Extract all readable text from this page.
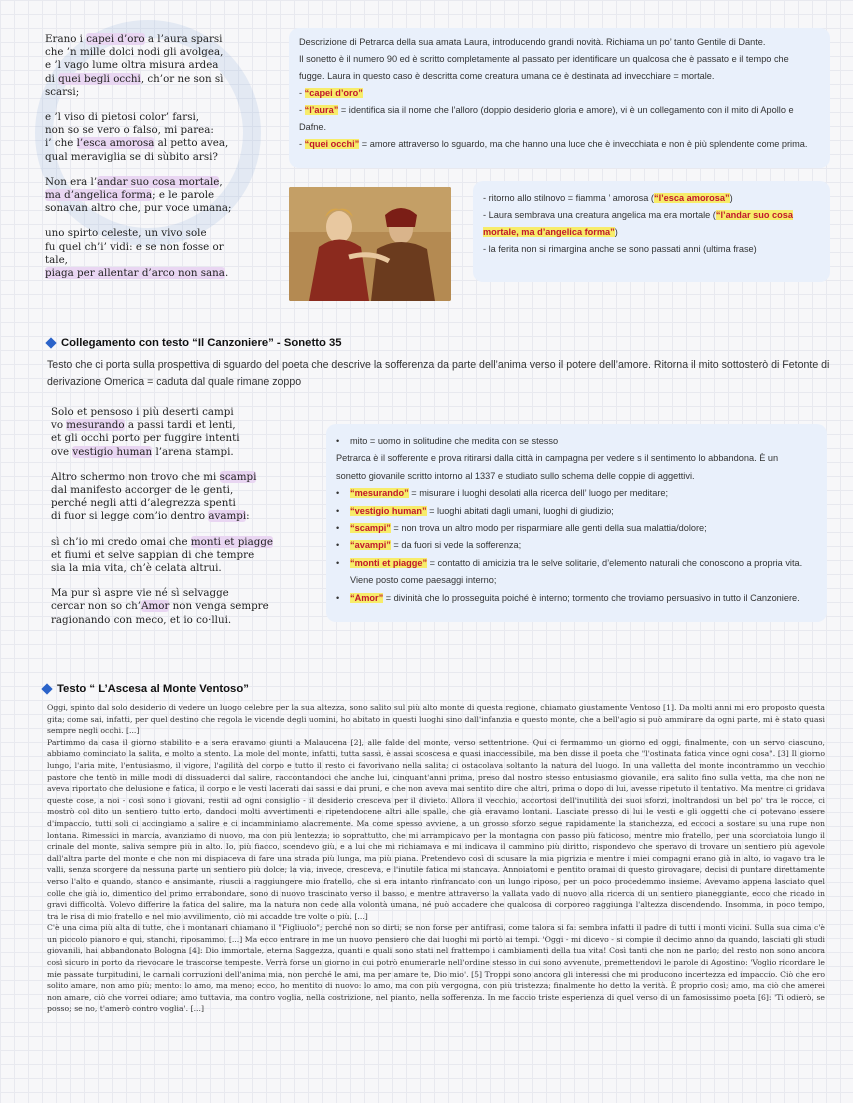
Erano i capei d’oro a l’aura sparsi
che ’n mille dolci nodi gli avolgea,
e ’l vago lume oltra misura ardea
di quei begli occhi, ch’or ne son sì
scarsi;
e ’l viso di pietosi color’ farsi,
non so se vero o falso, mi parea:
i’ che l’esca amorosa al petto avea,
qual meraviglia se di sùbito arsi?
Non era l’andar suo cosa mortale,
ma d’angelica forma; e le parole
sonavan altro che, pur voce umana;
uno spirto celeste, un vivo sole
fu quel ch’i’ vidi: e se non fosse or
tale,
piaga per allentar d’arco non sana.
Descrizione di Petrarca della sua amata Laura, introducendo grandi novità. Richiama un po’ tanto Gentile di Dante.
Il sonetto è il numero 90 ed è scritto completamente al passato per identificare un qualcosa che è passato e il tempo che
fugge. Laura in questo caso è descritta come creatura umana ce è destinata ad invecchiare = mortale.
- “capei d’oro”
- “l’aura” = identifica sia il nome che l’alloro (doppio desiderio gloria e amore), vi è un collegamento con il mito di Apollo e
Dafne.
- “quei occhi” = amore attraverso lo sguardo, ma che hanno una luce che è invecchiata e non è più splendente come prima.
- ritorno allo stilnovo = fiamma ’ amorosa (“l’esca amorosa”)
- Laura sembrava una creatura angelica ma era mortale (“l’andar suo cosa
mortale, ma d’angelica forma”)
- la ferita non si rimargina anche se sono passati anni (ultima frase)
Collegamento con testo “Il Canzoniere” - Sonetto 35
Testo che ci porta sulla prospettiva di sguardo del poeta che descrive la sofferenza da parte dell’anima verso il potere dell’amore. Ritorna il mito sottosterò di Fetonte di
derivazione Omerica = caduta dal quale rimane zoppo
Solo et pensoso i più deserti campi
vo mesurando a passi tardi et lenti,
et gli occhi porto per fuggire intenti
ove vestigio human l’arena stampi.
Altro schermo non trovo che mi scampi
dal manifesto accorger de le genti,
perché negli atti d’alegrezza spenti
di fuor si legge com’io dentro avampi:
sì ch’io mi credo omai che monti et piagge
et fiumi et selve sappian di che tempre
sia la mia vita, ch’è celata altrui.
Ma pur sì aspre vie né sì selvagge
cercar non so ch’Amor non venga sempre
ragionando con meco, et io co·llui.
• mito = uomo in solitudine che medita con se stesso
Petrarca è il sofferente e prova ritirarsi dalla città in campagna per vedere s il sentimento lo abbandona. È un
sonetto giovanile scritto intorno al 1337 e studiato sullo schema delle coppie di aggettivi.
• “mesurando” = misurare i luoghi desolati alla ricerca dell’ luogo per meditare;
• “vestigio human” = luoghi abitati dagli umani, luoghi di giudizio;
• “scampi” = non trova un altro modo per risparmiare alle genti della sua malattia/dolore;
• “avampi” = da fuori si vede la sofferenza;
• “monti et piagge” = contatto di amicizia tra le selve solitarie, d’elemento naturali che conoscono a propria vita.
Viene posto come paesaggi interno;
• “Amor” = divinità che lo prosseguita poiché è interno; tormento che troviamo persuasivo in tutto il Canzoniere.
Testo “ L’Ascesa al Monte Ventoso”

Oggi, spinto dal solo desiderio di vedere un luogo celebre per la sua altezza, sono salito sul più alto monte di questa regione, chiamato giustamente Ventoso [1]. Da molti anni mi ero proposto questa gita; come sai, infatti, per quel destino che regola le vicende degli uomini, ho abitato in questi luoghi sino dall'infanzia e questo monte, che a bell'agio si può ammirare da ogni parte, mi è stato quasi sempre negli occhi. [...]

Partimmo da casa il giorno stabilito e a sera eravamo giunti a Malaucena [2], alle falde del monte, verso settentrione. Qui ci fermammo un giorno ed oggi, finalmente, con un servo ciascuno, abbiamo cominciato la salita, e molto a stento. La mole del monte, infatti, tutta sassi, è assai scoscesa e quasi inaccessibile, ma ben disse il poeta che "l'ostinata fatica vince ogni cosa". [3] Il giorno lungo, l'aria mite, l'entusiasmo, il vigore, l'agilità del corpo e tutto il resto ci favorivano nella salita; ci ostacolava soltanto la natura del luogo. In una valletta del monte incontrammo un vecchio pastore che tentò in mille modi di dissuaderci dal salire, raccontandoci che anche lui, cinquant'anni prima, preso dal nostro stesso entusiasmo giovanile, era salito fino sulla vetta, ma che non ne aveva riportato che delusione e fatica, il corpo e le vesti lacerati dai sassi e dai pruni, e che non aveva mai sentito dire che altri, prima o dopo di lui, avesse ripetuto il tentativo. Ma mentre ci gridava queste cose, a noi - così sono i giovani, restii ad ogni consiglio - il desiderio cresceva per il divieto. Allora il vecchio, accortosi dell'inutilità dei suoi sforzi, inoltrandosi un bel po' tra le rocce, ci mostrò col dito un sentiero tutto erto, dandoci molti avvertimenti e ripetendocene altri alle spalle, che già eravamo lontani. Lasciate presso di lui le vesti e gli oggetti che ci potevano essere d'impaccio, tutti soli ci accingiamo a salire e ci incamminiamo alacremente. Ma come spesso avviene, a un grosso sforzo segue rapidamente la stanchezza, ed eccoci a sostare su una rupe non lontana. Rimessici in marcia, avanziamo di nuovo, ma con più lentezza; io soprattutto, che mi arrampicavo per la montagna con passo più faticoso, mentre mio fratello, per una scorciatoia lungo il crinale del monte, saliva sempre più in alto. Io, più fiacco, scendevo giù, e a lui che mi richiamava e mi indicava il cammino più diritto, rispondevo che speravo di trovare un sentiero più agevole dall'altra parte del monte e che non mi dispiaceva di fare una strada più lunga, ma più piana. Pretendevo così di scusare la mia pigrizia e mentre i miei compagni erano già in alto, io vagavo tra le valli, senza scorgere da nessuna parte un sentiero più dolce; la via, invece, cresceva, e l'inutile fatica mi stancava. Annoiatomi e pentito oramai di questo girovagare, decisi di puntare direttamente verso l'alto e quando, stanco e ansimante, riuscii a raggiungere mio fratello, che si era intanto rinfrancato con un lungo riposo, per un poco procedemmo insieme. Avevamo appena lasciato quel colle che già io, dimentico del primo errabondare, sono di nuovo trascinato verso il basso, e mentre attraverso la vallata vado di nuovo alla ricerca di un sentiero pianeggiante, ecco che ricado in gravi difficoltà. Volevo differire la fatica del salire, ma la natura non cede alla volontà umana, né può accadere che qualcosa di corporeo raggiunga l'altezza discendendo. Insomma, in poco tempo, tra le risa di mio fratello e nel mio avvilimento, ciò mi accadde tre volte o più. [...]

C'è una cima più alta di tutte, che i montanari chiamano il "Figliuolo"; perché non so dirti; se non forse per antifrasi, come talora si fa: sembra infatti il padre di tutti i monti vicini. Sulla sua cima c'è un piccolo pianoro e qui, stanchi, riposammo. [...] Ma ecco entrare in me un nuovo pensiero che dai luoghi mi portò ai tempi. 'Oggi - mi dicevo - si compie il decimo anno da quando, lasciati gli studi giovanili, hai abbandonato Bologna [4]: Dio immortale, eterna Saggezza, quanti e quali sono stati nel frattempo i cambiamenti della tua vita! Così tanti che non ne parlo; del resto non sono ancora così sicuro in porto da rievocare le trascorse tempeste. Verrà forse un giorno in cui potrò enumerarle nell'ordine stesso in cui sono avvenute, premettendovi le parole di Agostino: 'Voglio ricordare le mie passate turpitudini, le carnali corruzioni dell'anima mia, non perché le ami, ma per amare te, Dio mio'. [5] Troppi sono ancora gli interessi che mi producono incertezza ed impaccio. Ciò che ero solito amare, non amo più; mento: lo amo, ma meno; ecco, ho mentito di nuovo: lo amo, ma con più vergogna, con più tristezza; finalmente ho detto la verità. È proprio così; amo, ma ciò che amerei non amare, ciò che vorrei odiare; amo tuttavia, ma contro voglia, nella costrizione, nel pianto, nella sofferenza. In me faccio triste esperienza di quel verso di un famosissimo poeta [6]: 'Ti odierò, se posso; se no, t'amerò contro voglia'. [...]
